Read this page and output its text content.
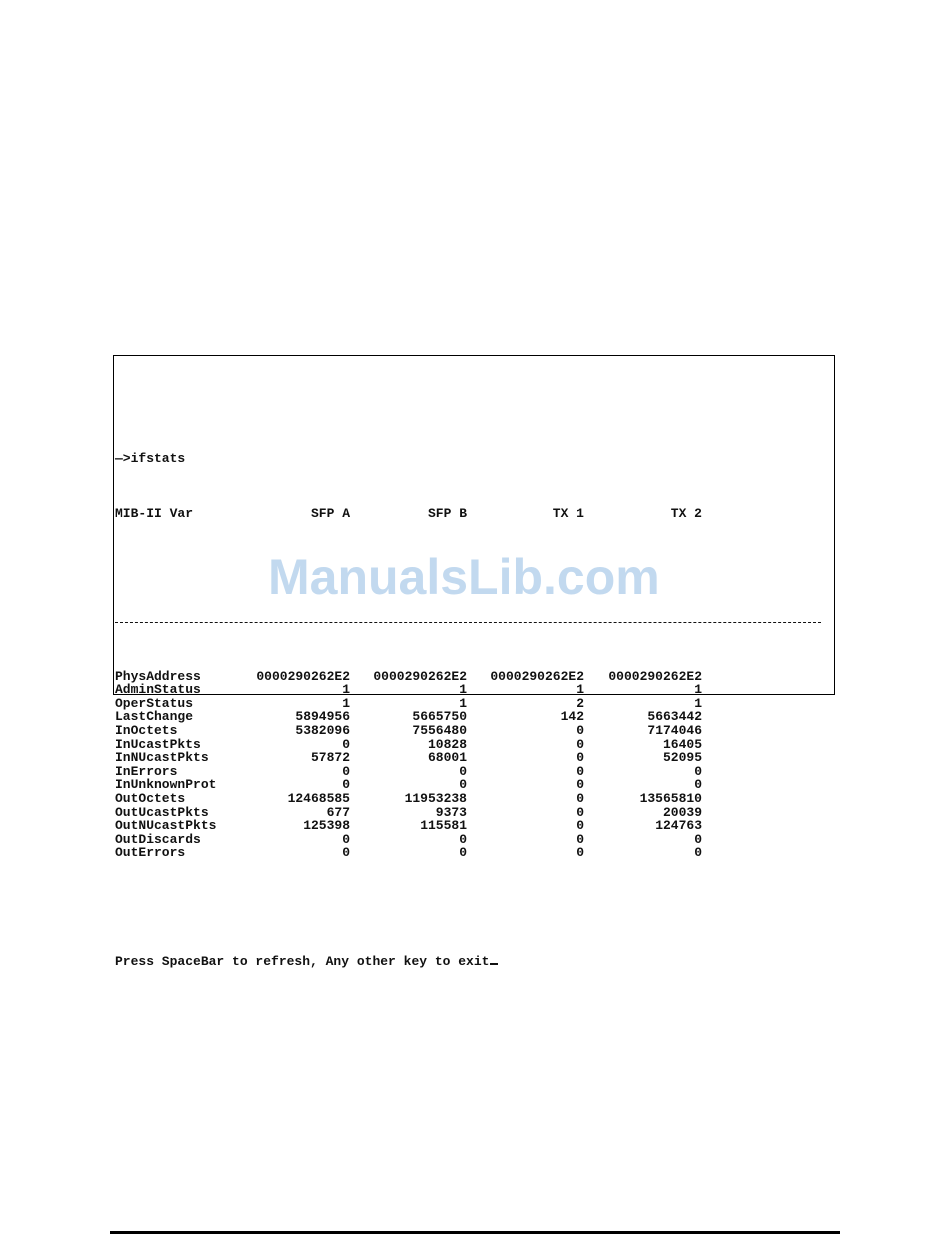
—>ifstats

MIB-II Var	SFP A	SFP B	TX 1	TX 2

PhysAddress	0000290262E2	0000290262E2	0000290262E2	0000290262E2
AdminStatus	1	1	1	1
OperStatus	1	1	2	1
LastChange	5894956	5665750	142	5663442
InOctets	5382096	7556480	0	7174046
InUcastPkts	0	10828	0	16405
InNUcastPkts	57872	68001	0	52095
InErrors	0	0	0	0
InUnknownProt	0	0	0	0
OutOctets	12468585	11953238	0	13565810
OutUcastPkts	677	9373	0	20039
OutNUcastPkts	125398	115581	0	124763
OutDiscards	0	0	0	0
OutErrors	0	0	0	0

Press SpaceBar to refresh, Any other key to exit

ManualsLib.com
